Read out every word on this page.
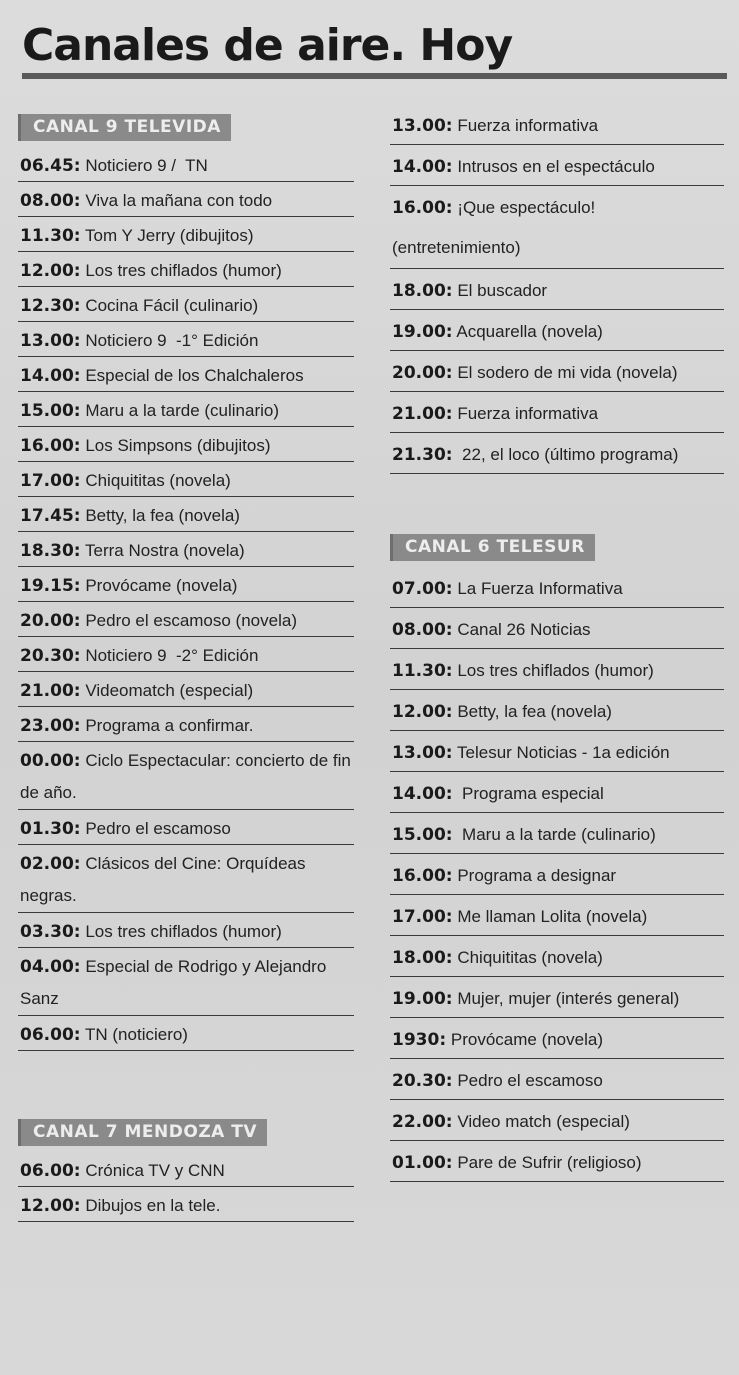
Canales de aire. Hoy
CANAL 9 TELEVIDA
06.45: Noticiero 9 /  TN
08.00: Viva la mañana con todo
11.30: Tom Y Jerry (dibujitos)
12.00: Los tres chiflados (humor)
12.30: Cocina Fácil (culinario)
13.00: Noticiero 9  -1° Edición
14.00: Especial de los Chalchaleros
15.00: Maru a la tarde (culinario)
16.00: Los Simpsons (dibujitos)
17.00: Chiquititas (novela)
17.45: Betty, la fea (novela)
18.30: Terra Nostra (novela)
19.15: Provócame (novela)
20.00: Pedro el escamoso (novela)
20.30: Noticiero 9  -2° Edición
21.00: Videomatch (especial)
23.00: Programa a confirmar.
00.00: Ciclo Espectacular: concierto de fin de año.
01.30: Pedro el escamoso
02.00: Clásicos del Cine: Orquídeas negras.
03.30: Los tres chiflados (humor)
04.00: Especial de Rodrigo y Alejandro Sanz
06.00: TN (noticiero)
CANAL 7 MENDOZA TV
06.00: Crónica TV y CNN
12.00: Dibujos en la tele.
13.00: Fuerza informativa
14.00: Intrusos en el espectáculo
16.00: ¡Que espectáculo! (entretenimiento)
18.00: El buscador
19.00: Acquarella (novela)
20.00: El sodero de mi vida (novela)
21.00: Fuerza informativa
21.30:  22, el loco (último programa)
CANAL 6 TELESUR
07.00: La Fuerza Informativa
08.00: Canal 26 Noticias
11.30: Los tres chiflados (humor)
12.00: Betty, la fea (novela)
13.00: Telesur Noticias - 1a edición
14.00:  Programa especial
15.00:  Maru a la tarde (culinario)
16.00: Programa a designar
17.00: Me llaman Lolita (novela)
18.00: Chiquititas (novela)
19.00: Mujer, mujer (interés general)
1930: Provócame (novela)
20.30: Pedro el escamoso
22.00: Video match (especial)
01.00: Pare de Sufrir (religioso)
